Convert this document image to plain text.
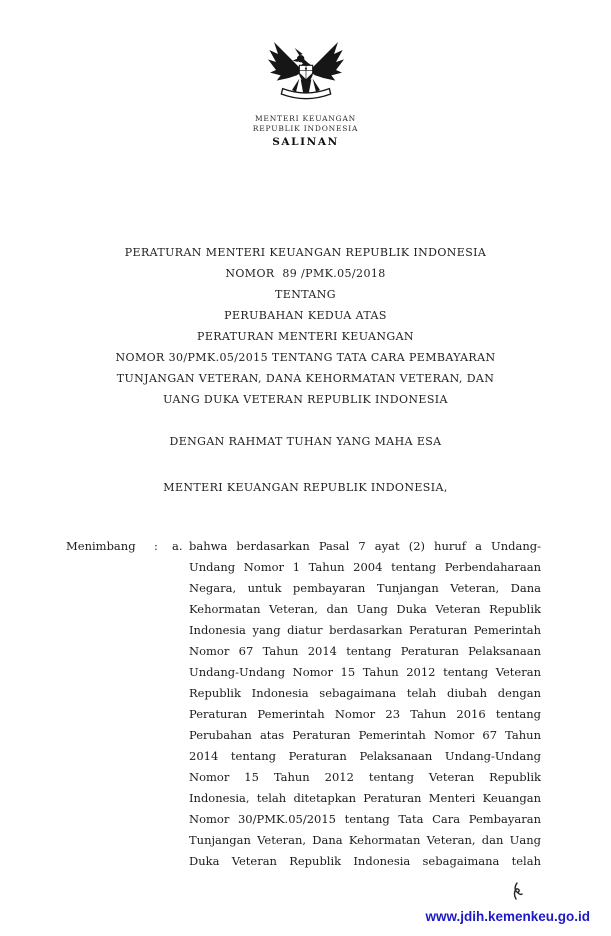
MENTERI KEUANGAN
REPUBLIK INDONESIA
SALINAN
PERATURAN MENTERI KEUANGAN REPUBLIK INDONESIA
NOMOR  89 /PMK.05/2018
TENTANG
PERUBAHAN KEDUA ATAS
PERATURAN MENTERI KEUANGAN
NOMOR 30/PMK.05/2015 TENTANG TATA CARA PEMBAYARAN
TUNJANGAN VETERAN, DANA KEHORMATAN VETERAN, DAN
UANG DUKA VETERAN REPUBLIK INDONESIA
DENGAN RAHMAT TUHAN YANG MAHA ESA
MENTERI KEUANGAN REPUBLIK INDONESIA,
Menimbang	:	a. bahwa berdasarkan Pasal 7 ayat (2) huruf a Undang-Undang Nomor 1 Tahun 2004 tentang Perbendaharaan Negara, untuk pembayaran Tunjangan Veteran, Dana Kehormatan Veteran, dan Uang Duka Veteran Republik Indonesia yang diatur berdasarkan Peraturan Pemerintah Nomor 67 Tahun 2014 tentang Peraturan Pelaksanaan Undang-Undang Nomor 15 Tahun 2012 tentang Veteran Republik Indonesia sebagaimana telah diubah dengan Peraturan Pemerintah Nomor 23 Tahun 2016 tentang Perubahan atas Peraturan Pemerintah Nomor 67 Tahun 2014 tentang Peraturan Pelaksanaan Undang-Undang Nomor 15 Tahun 2012 tentang Veteran Republik Indonesia, telah ditetapkan Peraturan Menteri Keuangan Nomor 30/PMK.05/2015 tentang Tata Cara Pembayaran Tunjangan Veteran, Dana Kehormatan Veteran, dan Uang Duka Veteran Republik Indonesia sebagaimana telah

www.jdih.kemenkeu.go.id
